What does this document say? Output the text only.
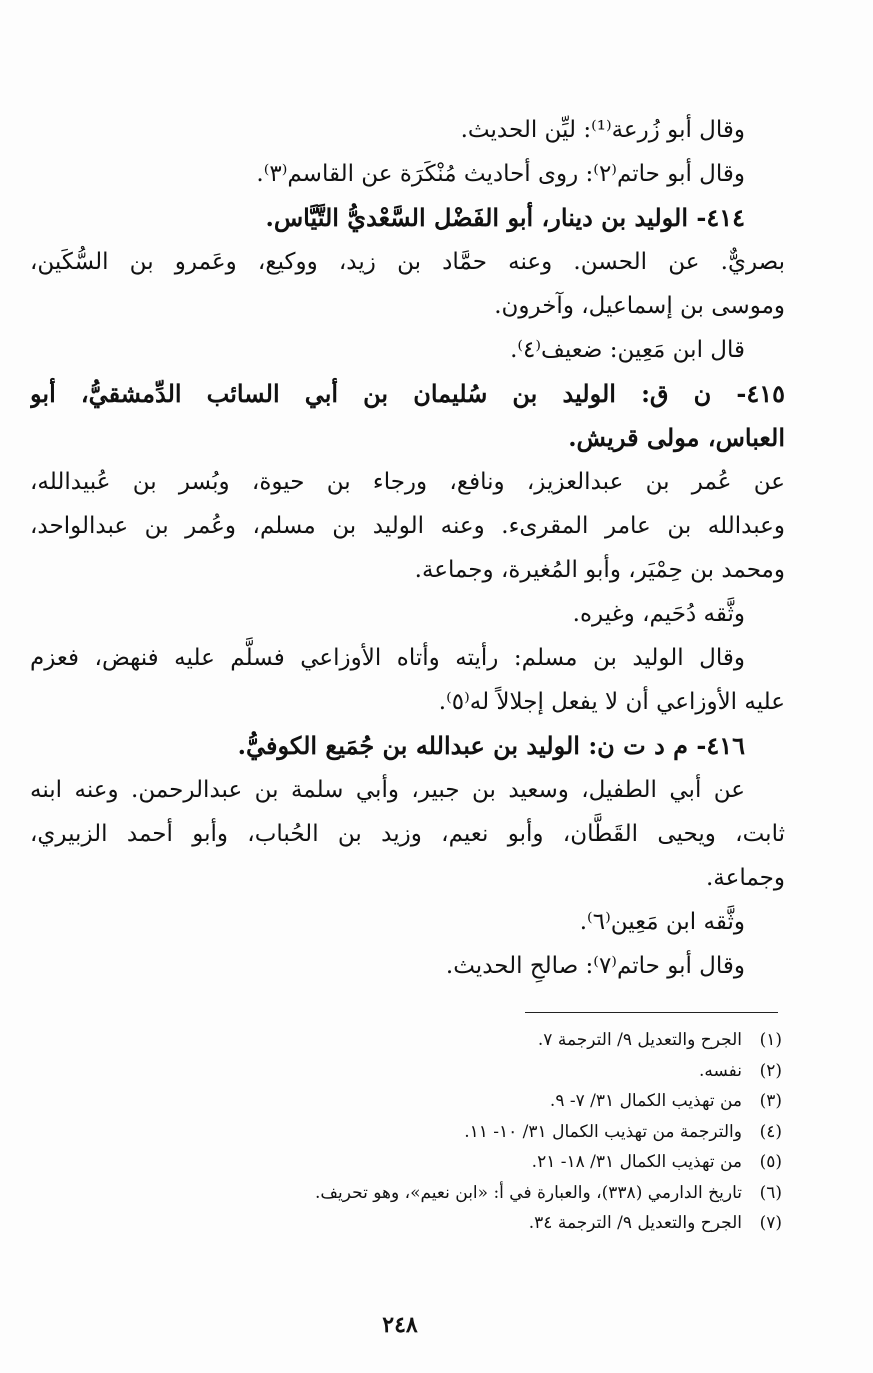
وقال أبو زُرعة⁽¹⁾: ليِّن الحديث.
وقال أبو حاتم⁽٢⁾: روى أحاديث مُنْكَرَة عن القاسم⁽٣⁾.
٤١٤- الوليد بن دينار، أبو الفَضْل السَّعْديُّ التَّيَّاس.
بصريٌّ. عن الحسن. وعنه حمَّاد بن زيد، ووكيع، وعَمرو بن السُّكَين،
وموسى بن إسماعيل، وآخرون.
قال ابن مَعِين: ضعيف⁽٤⁾.
٤١٥- ن ق: الوليد بن سُليمان بن أبي السائب الدِّمشقيُّ، أبو
العباس، مولى قريش.
عن عُمر بن عبدالعزيز، ونافع، ورجاء بن حيوة، وبُسر بن عُبيدالله،
وعبدالله بن عامر المقرىء. وعنه الوليد بن مسلم، وعُمر بن عبدالواحد،
ومحمد بن حِمْيَر، وأبو المُغيرة، وجماعة.
وثَّقه دُحَيم، وغيره.
وقال الوليد بن مسلم: رأيته وأتاه الأوزاعي فسلَّم عليه فنهض، فعزم
عليه الأوزاعي أن لا يفعل إجلالاً له⁽٥⁾.
٤١٦- م د ت ن: الوليد بن عبدالله بن جُمَيع الكوفيُّ.
عن أبي الطفيل، وسعيد بن جبير، وأبي سلمة بن عبدالرحمن. وعنه ابنه
ثابت، ويحيى القَطَّان، وأبو نعيم، وزيد بن الحُباب، وأبو أحمد الزبيري،
وجماعة.
وثَّقه ابن مَعِين⁽٦⁾.
وقال أبو حاتم⁽٧⁾: صالحِ الحديث.
(١)
الجرح والتعديل ٩/ الترجمة ٧.
(٢)
نفسه.
(٣)
من تهذيب الكمال ٣١/ ٧- ٩.
(٤)
والترجمة من تهذيب الكمال ٣١/ ١٠- ١١.
(٥)
من تهذيب الكمال ٣١/ ١٨- ٢١.
(٦)
تاريخ الدارمي (٣٣٨)، والعبارة في أ: «ابن نعيم»، وهو تحريف.
(٧)
الجرح والتعديل ٩/ الترجمة ٣٤.
٢٤٨
